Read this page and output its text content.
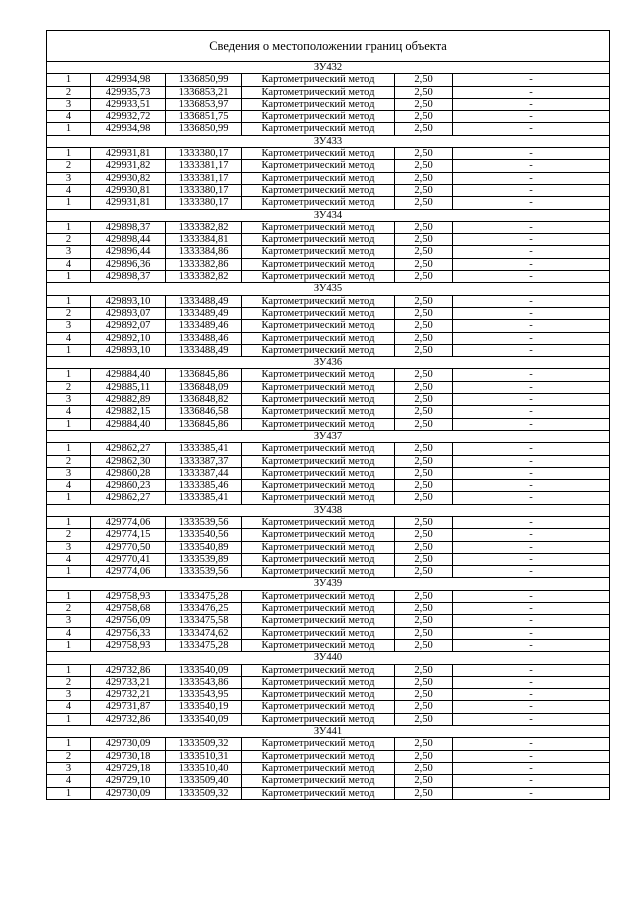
Сведения о местоположении границ объекта					
ЗУ432					
1	429934,98	1336850,99	Картометрический метод	2,50	-
2	429935,73	1336853,21	Картометрический метод	2,50	-
3	429933,51	1336853,97	Картометрический метод	2,50	-
4	429932,72	1336851,75	Картометрический метод	2,50	-
1	429934,98	1336850,99	Картометрический метод	2,50	-
ЗУ433					
1	429931,81	1333380,17	Картометрический метод	2,50	-
2	429931,82	1333381,17	Картометрический метод	2,50	-
3	429930,82	1333381,17	Картометрический метод	2,50	-
4	429930,81	1333380,17	Картометрический метод	2,50	-
1	429931,81	1333380,17	Картометрический метод	2,50	-
ЗУ434					
1	429898,37	1333382,82	Картометрический метод	2,50	-
2	429898,44	1333384,81	Картометрический метод	2,50	-
3	429896,44	1333384,86	Картометрический метод	2,50	-
4	429896,36	1333382,86	Картометрический метод	2,50	-
1	429898,37	1333382,82	Картометрический метод	2,50	-
ЗУ435					
1	429893,10	1333488,49	Картометрический метод	2,50	-
2	429893,07	1333489,49	Картометрический метод	2,50	-
3	429892,07	1333489,46	Картометрический метод	2,50	-
4	429892,10	1333488,46	Картометрический метод	2,50	-
1	429893,10	1333488,49	Картометрический метод	2,50	-
ЗУ436					
1	429884,40	1336845,86	Картометрический метод	2,50	-
2	429885,11	1336848,09	Картометрический метод	2,50	-
3	429882,89	1336848,82	Картометрический метод	2,50	-
4	429882,15	1336846,58	Картометрический метод	2,50	-
1	429884,40	1336845,86	Картометрический метод	2,50	-
ЗУ437					
1	429862,27	1333385,41	Картометрический метод	2,50	-
2	429862,30	1333387,37	Картометрический метод	2,50	-
3	429860,28	1333387,44	Картометрический метод	2,50	-
4	429860,23	1333385,46	Картометрический метод	2,50	-
1	429862,27	1333385,41	Картометрический метод	2,50	-
ЗУ438					
1	429774,06	1333539,56	Картометрический метод	2,50	-
2	429774,15	1333540,56	Картометрический метод	2,50	-
3	429770,50	1333540,89	Картометрический метод	2,50	-
4	429770,41	1333539,89	Картометрический метод	2,50	-
1	429774,06	1333539,56	Картометрический метод	2,50	-
ЗУ439					
1	429758,93	1333475,28	Картометрический метод	2,50	-
2	429758,68	1333476,25	Картометрический метод	2,50	-
3	429756,09	1333475,58	Картометрический метод	2,50	-
4	429756,33	1333474,62	Картометрический метод	2,50	-
1	429758,93	1333475,28	Картометрический метод	2,50	-
ЗУ440					
1	429732,86	1333540,09	Картометрический метод	2,50	-
2	429733,21	1333543,86	Картометрический метод	2,50	-
3	429732,21	1333543,95	Картометрический метод	2,50	-
4	429731,87	1333540,19	Картометрический метод	2,50	-
1	429732,86	1333540,09	Картометрический метод	2,50	-
ЗУ441					
1	429730,09	1333509,32	Картометрический метод	2,50	-
2	429730,18	1333510,31	Картометрический метод	2,50	-
3	429729,18	1333510,40	Картометрический метод	2,50	-
4	429729,10	1333509,40	Картометрический метод	2,50	-
1	429730,09	1333509,32	Картометрический метод	2,50	-
